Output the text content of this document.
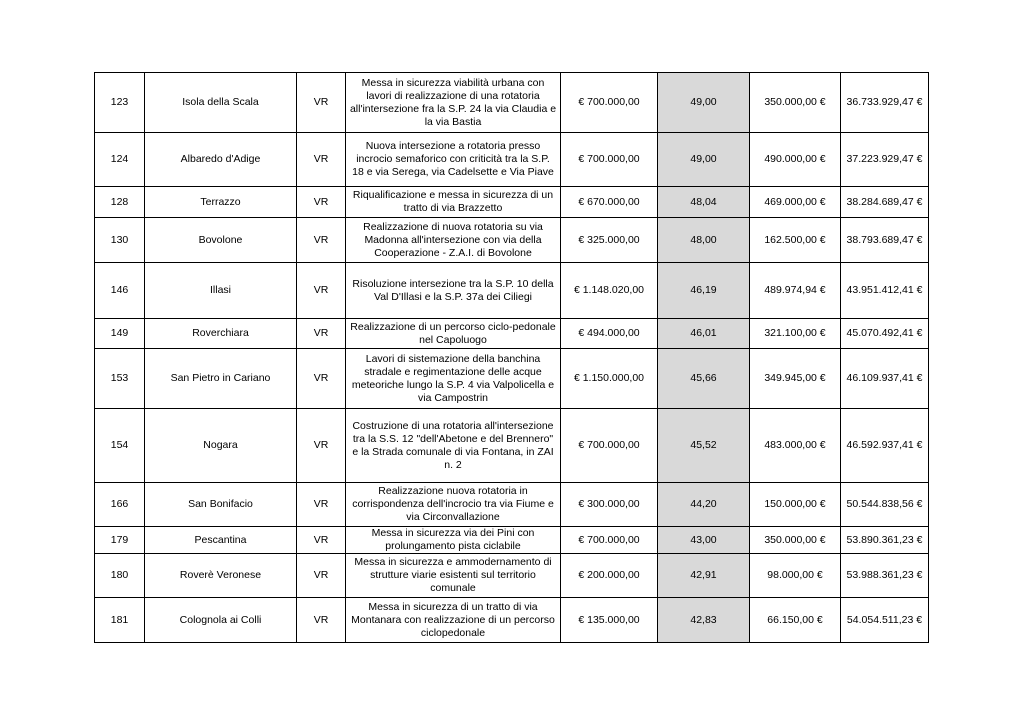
123	Isola della Scala	VR	Messa in sicurezza viabilità urbana con lavori di realizzazione di una rotatoria all'intersezione fra la S.P. 24 la via Claudia e la via Bastia	€ 700.000,00	49,00	350.000,00 €	36.733.929,47 €
124	Albaredo d'Adige	VR	Nuova intersezione a rotatoria presso incrocio semaforico con criticità tra la S.P. 18 e via Serega, via Cadelsette e Via Piave	€ 700.000,00	49,00	490.000,00 €	37.223.929,47 €
128	Terrazzo	VR	Riqualificazione e messa in sicurezza di un tratto di via Brazzetto	€ 670.000,00	48,04	469.000,00 €	38.284.689,47 €
130	Bovolone	VR	Realizzazione di nuova rotatoria su via Madonna all'intersezione con via della Cooperazione - Z.A.I. di Bovolone	€ 325.000,00	48,00	162.500,00 €	38.793.689,47 €
146	Illasi	VR	Risoluzione intersezione tra la S.P. 10 della Val D'Illasi e la S.P. 37a dei Ciliegi	€ 1.148.020,00	46,19	489.974,94 €	43.951.412,41 €
149	Roverchiara	VR	Realizzazione di un percorso ciclo-pedonale nel Capoluogo	€ 494.000,00	46,01	321.100,00 €	45.070.492,41 €
153	San Pietro in Cariano	VR	Lavori di sistemazione della banchina stradale e regimentazione delle acque meteoriche lungo la S.P. 4 via Valpolicella e via Campostrin	€ 1.150.000,00	45,66	349.945,00 €	46.109.937,41 €
154	Nogara	VR	Costruzione di una rotatoria all'intersezione tra la S.S. 12 "dell'Abetone e del Brennero" e la Strada comunale di via Fontana, in ZAI n. 2	€ 700.000,00	45,52	483.000,00 €	46.592.937,41 €
166	San Bonifacio	VR	Realizzazione nuova rotatoria in corrispondenza dell'incrocio tra via Fiume e via Circonvallazione	€ 300.000,00	44,20	150.000,00 €	50.544.838,56 €
179	Pescantina	VR	Messa in sicurezza via dei Pini con prolungamento pista ciclabile	€ 700.000,00	43,00	350.000,00 €	53.890.361,23 €
180	Roverè Veronese	VR	Messa in sicurezza e ammodernamento di strutture viarie esistenti sul territorio comunale	€ 200.000,00	42,91	98.000,00 €	53.988.361,23 €
181	Colognola ai Colli	VR	Messa in sicurezza di un tratto di via Montanara con realizzazione di un percorso ciclopedonale	€ 135.000,00	42,83	66.150,00 €	54.054.511,23 €
